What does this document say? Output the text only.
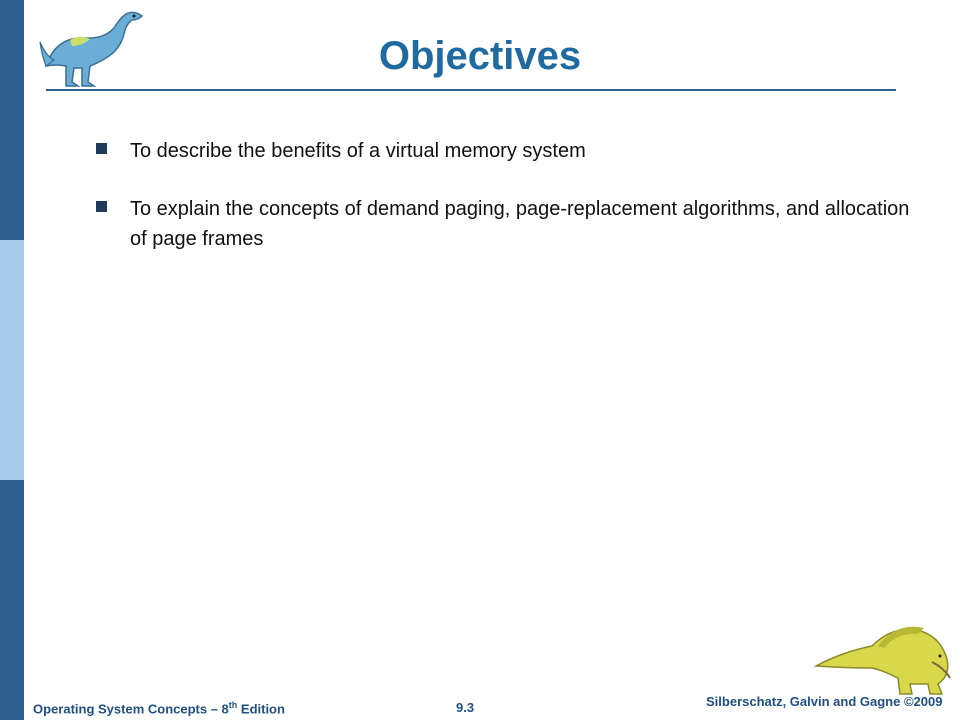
Objectives
To describe the benefits of a virtual memory system
To explain the concepts of demand paging, page-replacement algorithms, and allocation of page frames
Operating System Concepts – 8th Edition	9.3	Silberschatz, Galvin and Gagne ©2009
